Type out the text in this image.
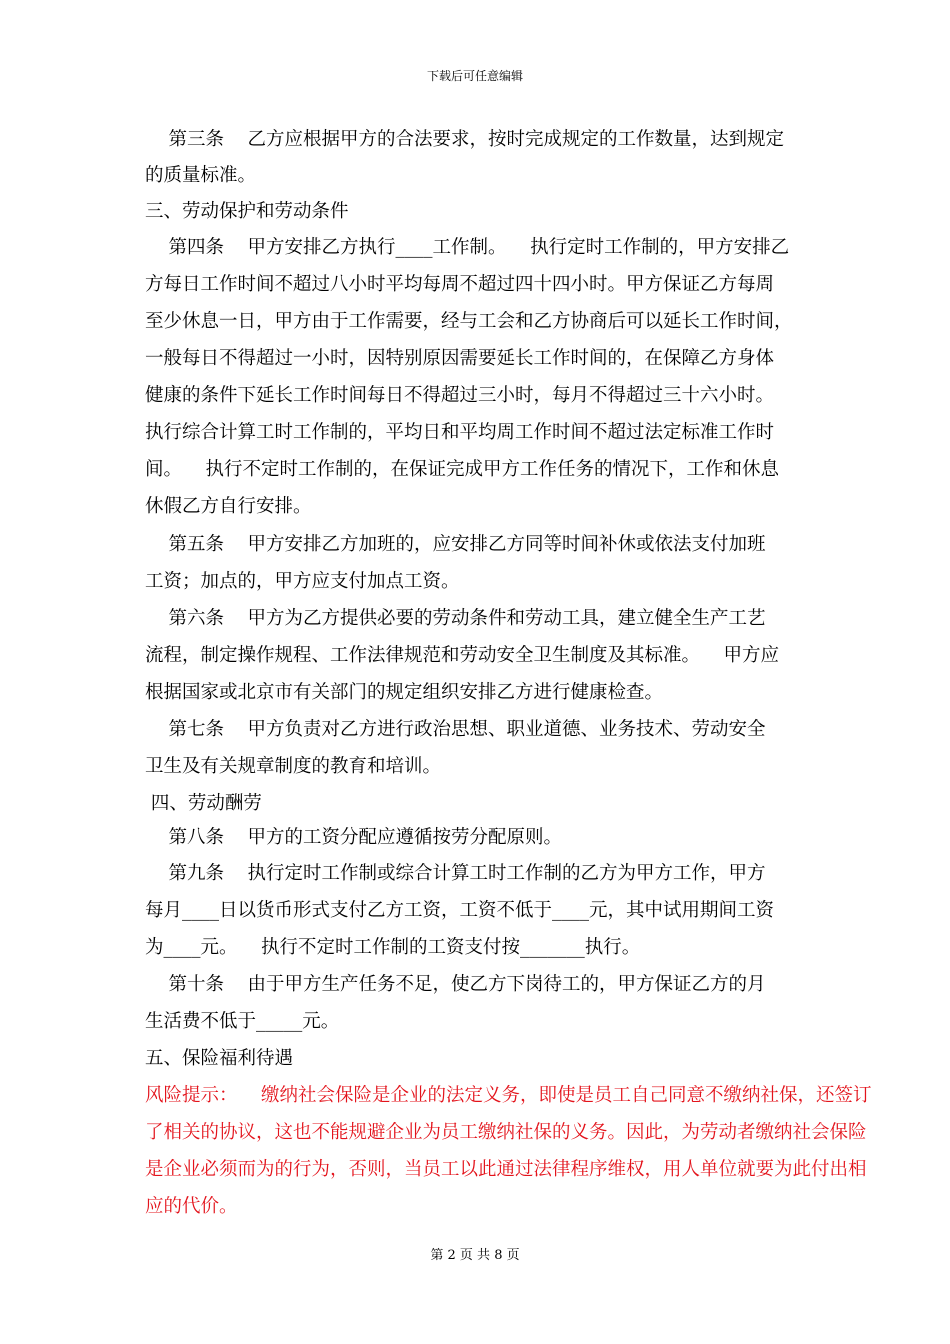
下载后可任意编辑
第三条    乙方应根据甲方的合法要求，按时完成规定的工作数量，达到规定
的质量标准。
三、劳动保护和劳动条件
第四条    甲方安排乙方执行____工作制。    执行定时工作制的，甲方安排乙
方每日工作时间不超过八小时平均每周不超过四十四小时。甲方保证乙方每周
至少休息一日，甲方由于工作需要，经与工会和乙方协商后可以延长工作时间，
一般每日不得超过一小时，因特别原因需要延长工作时间的，在保障乙方身体
健康的条件下延长工作时间每日不得超过三小时，每月不得超过三十六小时。
执行综合计算工时工作制的，平均日和平均周工作时间不超过法定标准工作时
间。    执行不定时工作制的，在保证完成甲方工作任务的情况下，工作和休息
休假乙方自行安排。
第五条    甲方安排乙方加班的，应安排乙方同等时间补休或依法支付加班
工资；加点的，甲方应支付加点工资。
第六条    甲方为乙方提供必要的劳动条件和劳动工具，建立健全生产工艺
流程，制定操作规程、工作法律规范和劳动安全卫生制度及其标准。    甲方应
根据国家或北京市有关部门的规定组织安排乙方进行健康检查。
第七条    甲方负责对乙方进行政治思想、职业道德、业务技术、劳动安全
卫生及有关规章制度的教育和培训。
四、劳动酬劳
第八条    甲方的工资分配应遵循按劳分配原则。
第九条    执行定时工作制或综合计算工时工作制的乙方为甲方工作，甲方
每月____日以货币形式支付乙方工资，工资不低于____元，其中试用期间工资
为____元。    执行不定时工作制的工资支付按_______执行。
第十条    由于甲方生产任务不足，使乙方下岗待工的，甲方保证乙方的月
生活费不低于_____元。
五、保险福利待遇
风险提示：    缴纳社会保险是企业的法定义务，即使是员工自己同意不缴纳社保，还签订
了相关的协议，这也不能规避企业为员工缴纳社保的义务。因此，为劳动者缴纳社会保险
是企业必须而为的行为，否则，当员工以此通过法律程序维权，用人单位就要为此付出相
应的代价。
第 2 页 共 8 页
